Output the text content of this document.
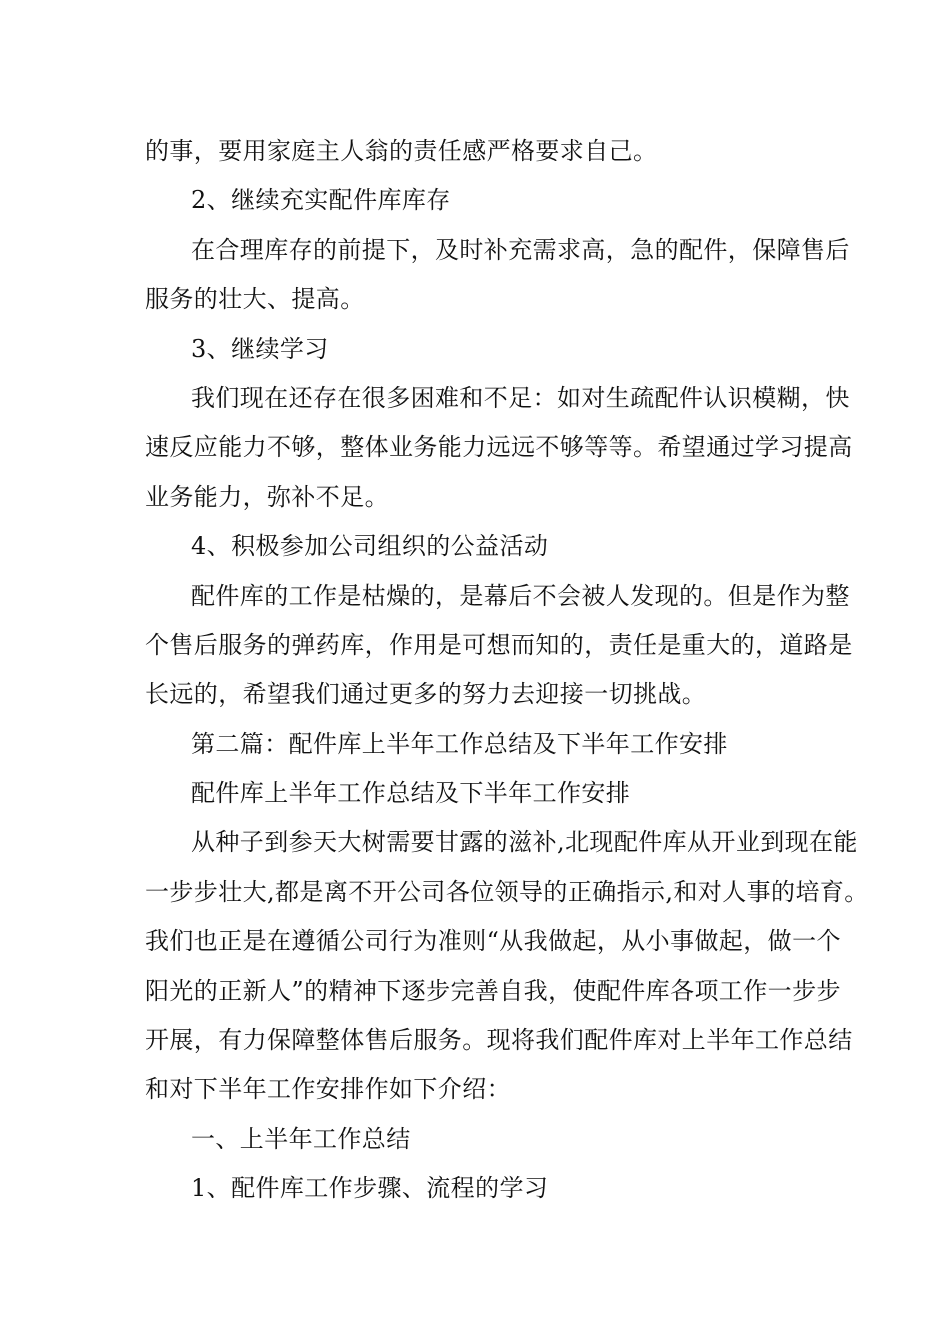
的事，要用家庭主人翁的责任感严格要求自己。
2、继续充实配件库库存
在合理库存的前提下，及时补充需求高，急的配件，保障售后
服务的壮大、提高。
3、继续学习
我们现在还存在很多困难和不足：如对生疏配件认识模糊，快
速反应能力不够，整体业务能力远远不够等等。希望通过学习提高
业务能力，弥补不足。
4、积极参加公司组织的公益活动
配件库的工作是枯燥的，是幕后不会被人发现的。但是作为整
个售后服务的弹药库，作用是可想而知的，责任是重大的，道路是
长远的，希望我们通过更多的努力去迎接一切挑战。
第二篇：配件库上半年工作总结及下半年工作安排
配件库上半年工作总结及下半年工作安排
从种子到参天大树需要甘露的滋补,北现配件库从开业到现在能
一步步壮大,都是离不开公司各位领导的正确指示,和对人事的培育。
我们也正是在遵循公司行为准则“从我做起，从小事做起，做一个
阳光的正新人”的精神下逐步完善自我，使配件库各项工作一步步
开展，有力保障整体售后服务。现将我们配件库对上半年工作总结
和对下半年工作安排作如下介绍：
一、上半年工作总结
1、配件库工作步骤、流程的学习
